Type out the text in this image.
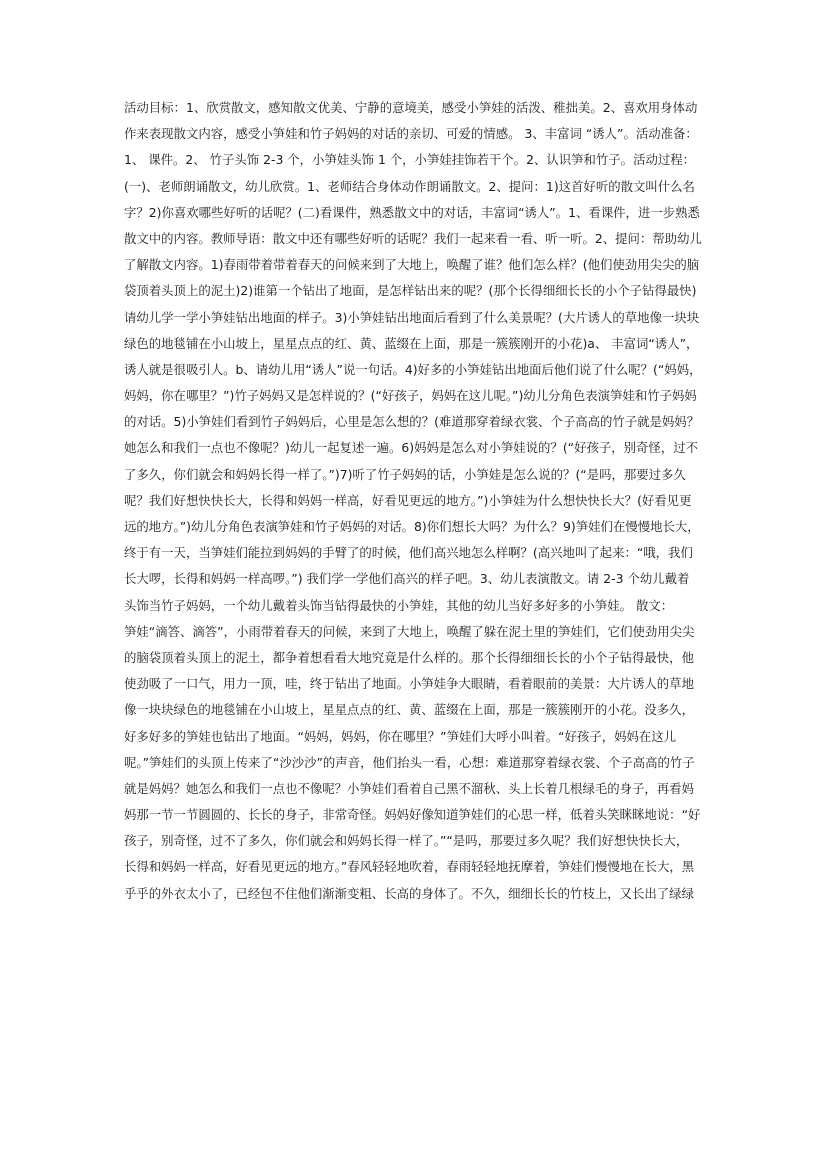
活动目标：1、欣赏散文，感知散文优美、宁静的意境美，感受小笋娃的活泼、稚拙美。2、喜欢用身体动
作来表现散文内容，感受小笋娃和竹子妈妈的对话的亲切、可爱的情感。 3、丰富词 “诱人”。活动准备：
1、 课件。2、 竹子头饰 2-3 个，小笋娃头饰 1 个，小笋娃挂饰若干个。2、认识笋和竹子。活动过程：
(一)、老师朗诵散文，幼儿欣赏。1、老师结合身体动作朗诵散文。2、提问：1)这首好听的散文叫什么名
字？2)你喜欢哪些好听的话呢？(二)看课件，熟悉散文中的对话，丰富词“诱人”。1、看课件，进一步熟悉
散文中的内容。教师导语：散文中还有哪些好听的话呢？我们一起来看一看、听一听。2、提问：帮助幼儿
了解散文内容。1)春雨带着带着春天的问候来到了大地上，唤醒了谁？他们怎么样？(他们使劲用尖尖的脑
袋顶着头顶上的泥土)2)谁第一个钻出了地面，是怎样钻出来的呢？(那个长得细细长长的小个子钻得最快)
请幼儿学一学小笋娃钻出地面的样子。3)小笋娃钻出地面后看到了什么美景呢？(大片诱人的草地像一块块
绿色的地毯铺在小山坡上，星星点点的红、黄、蓝缀在上面，那是一簇簇刚开的小花)a、 丰富词“诱人”，
诱人就是很吸引人。b、请幼儿用“诱人”说一句话。4)好多的小笋娃钻出地面后他们说了什么呢？(“妈妈，
妈妈，你在哪里？”)竹子妈妈又是怎样说的？(“好孩子，妈妈在这儿呢。”)幼儿分角色表演笋娃和竹子妈妈
的对话。5)小笋娃们看到竹子妈妈后，心里是怎么想的？(难道那穿着绿衣裳、个子高高的竹子就是妈妈？
她怎么和我们一点也不像呢？)幼儿一起复述一遍。6)妈妈是怎么对小笋娃说的？(“好孩子，别奇怪，过不
了多久，你们就会和妈妈长得一样了。”)7)听了竹子妈妈的话，小笋娃是怎么说的？(“是吗，那要过多久
呢？我们好想快快长大，长得和妈妈一样高，好看见更远的地方。”)小笋娃为什么想快快长大？(好看见更
远的地方。”)幼儿分角色表演笋娃和竹子妈妈的对话。8)你们想长大吗？为什么？9)笋娃们在慢慢地长大，
终于有一天，当笋娃们能拉到妈妈的手臂了的时候，他们高兴地怎么样啊？(高兴地叫了起来：“哦，我们
长大啰，长得和妈妈一样高啰。”) 我们学一学他们高兴的样子吧。3、幼儿表演散文。请 2-3 个幼儿戴着
头饰当竹子妈妈，一个幼儿戴着头饰当钻得最快的小笋娃，其他的幼儿当好多好多的小笋娃。 散文：
笋娃“滴答、滴答”，小雨带着春天的问候，来到了大地上，唤醒了躲在泥土里的笋娃们，它们使劲用尖尖
的脑袋顶着头顶上的泥土，都争着想看看大地究竟是什么样的。那个长得细细长长的小个子钻得最快，他
使劲吸了一口气，用力一顶，哇，终于钻出了地面。小笋娃争大眼睛，看着眼前的美景：大片诱人的草地
像一块块绿色的地毯铺在小山坡上，星星点点的红、黄、蓝缀在上面，那是一簇簇刚开的小花。没多久，
好多好多的笋娃也钻出了地面。“妈妈，妈妈，你在哪里？”笋娃们大呼小叫着。“好孩子，妈妈在这儿
呢。”笋娃们的头顶上传来了“沙沙沙”的声音，他们抬头一看，心想：难道那穿着绿衣裳、个子高高的竹子
就是妈妈？她怎么和我们一点也不像呢？小笋娃们看着自己黑不溜秋、头上长着几根绿毛的身子，再看妈
妈那一节一节圆圆的、长长的身子，非常奇怪。妈妈好像知道笋娃们的心思一样，低着头笑眯眯地说：“好
孩子，别奇怪，过不了多久，你们就会和妈妈长得一样了。”“是吗，那要过多久呢？我们好想快快长大，
长得和妈妈一样高，好看见更远的地方。”春风轻轻地吹着，春雨轻轻地抚摩着，笋娃们慢慢地在长大，黑
乎乎的外衣太小了，已经包不住他们渐渐变粗、长高的身体了。不久，细细长长的竹枝上，又长出了绿绿
